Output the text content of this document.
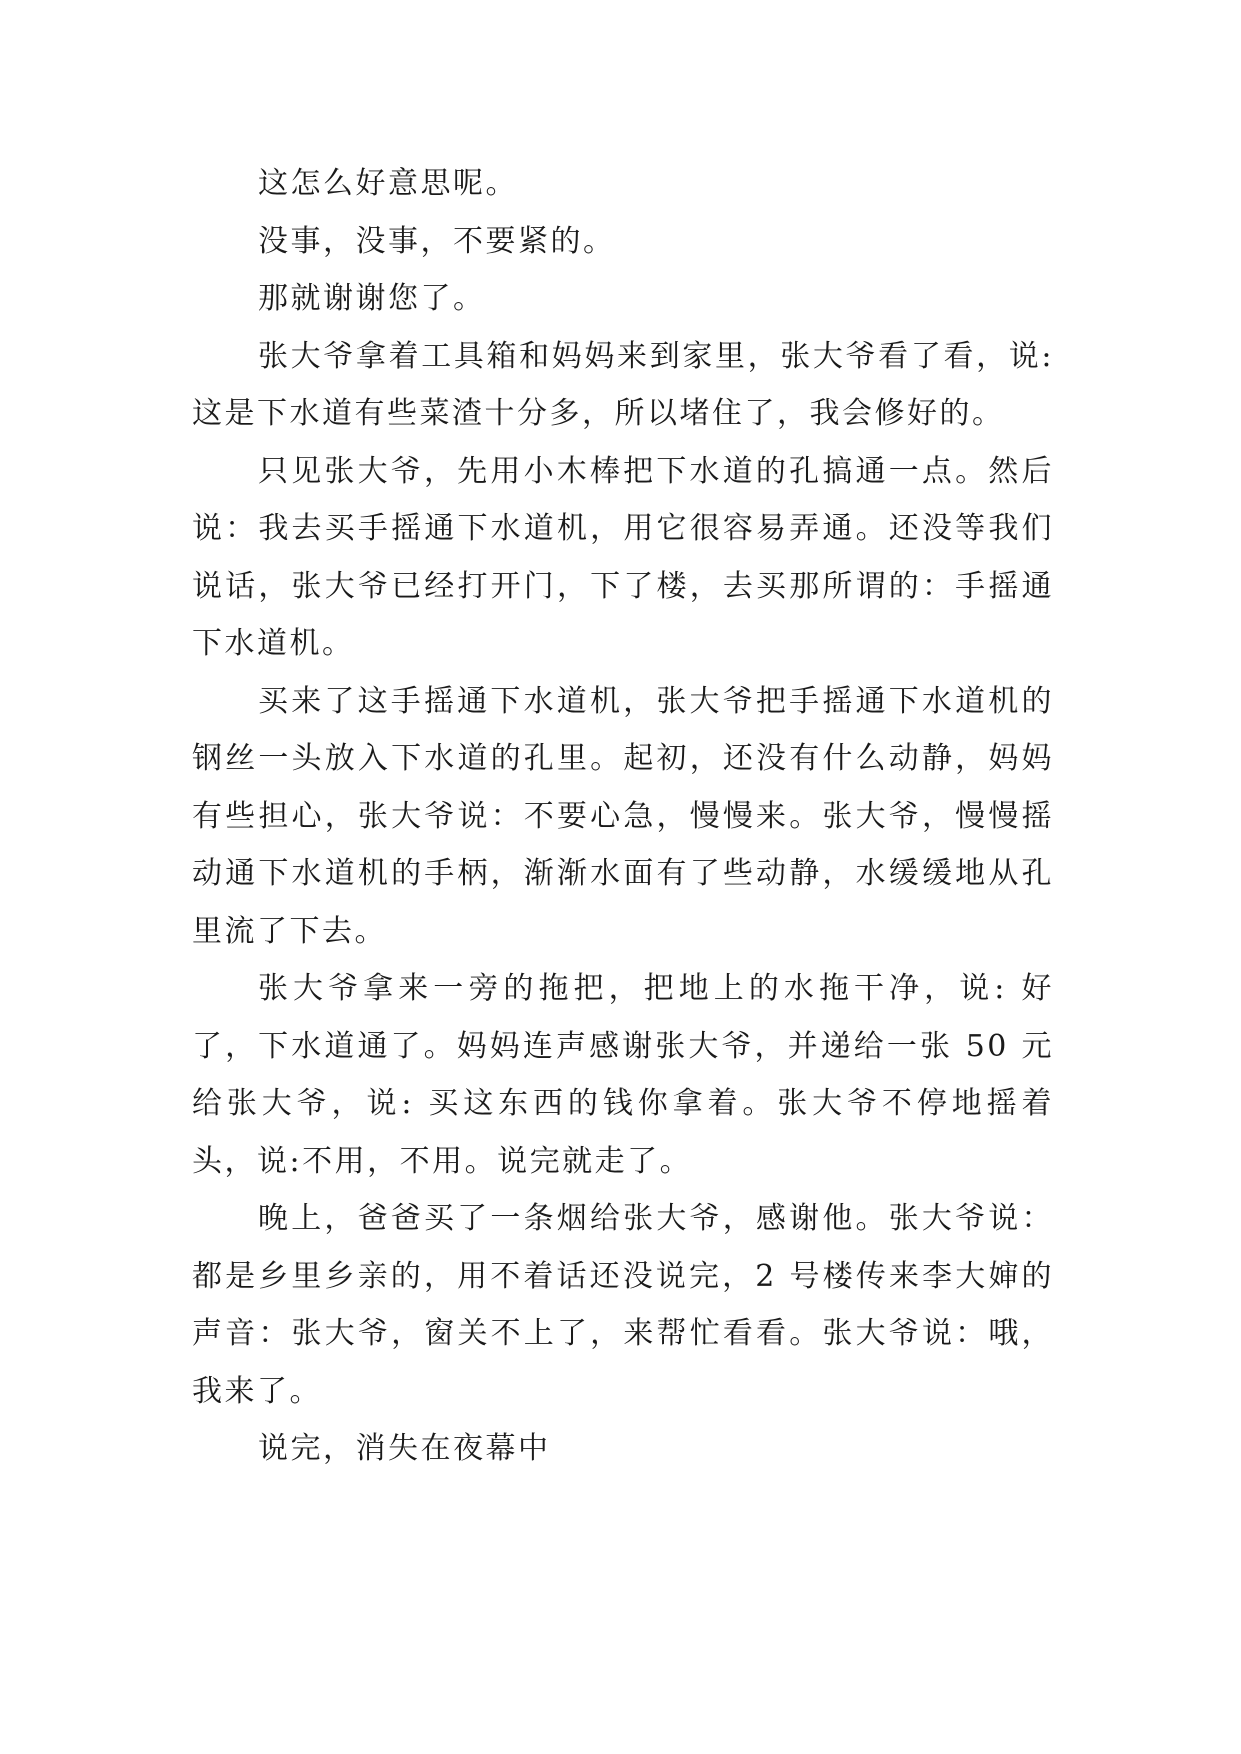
这怎么好意思呢。

没事，没事，不要紧的。

那就谢谢您了。

张大爷拿着工具箱和妈妈来到家里，张大爷看了看，说:这是下水道有些菜渣十分多，所以堵住了，我会修好的。

只见张大爷，先用小木棒把下水道的孔搞通一点。然后说：我去买手摇通下水道机，用它很容易弄通。还没等我们说话，张大爷已经打开门，下了楼，去买那所谓的：手摇通下水道机。

买来了这手摇通下水道机，张大爷把手摇通下水道机的钢丝一头放入下水道的孔里。起初，还没有什么动静，妈妈有些担心，张大爷说：不要心急，慢慢来。张大爷，慢慢摇动通下水道机的手柄，渐渐水面有了些动静，水缓缓地从孔里流了下去。

张大爷拿来一旁的拖把，把地上的水拖干净，说: 好了，下水道通了。妈妈连声感谢张大爷，并递给一张 50 元给张大爷，说: 买这东西的钱你拿着。张大爷不停地摇着头，说:不用，不用。说完就走了。

晚上，爸爸买了一条烟给张大爷，感谢他。张大爷说：都是乡里乡亲的，用不着话还没说完，2 号楼传来李大婶的声音：张大爷，窗关不上了，来帮忙看看。张大爷说：哦，我来了。

说完，消失在夜幕中
